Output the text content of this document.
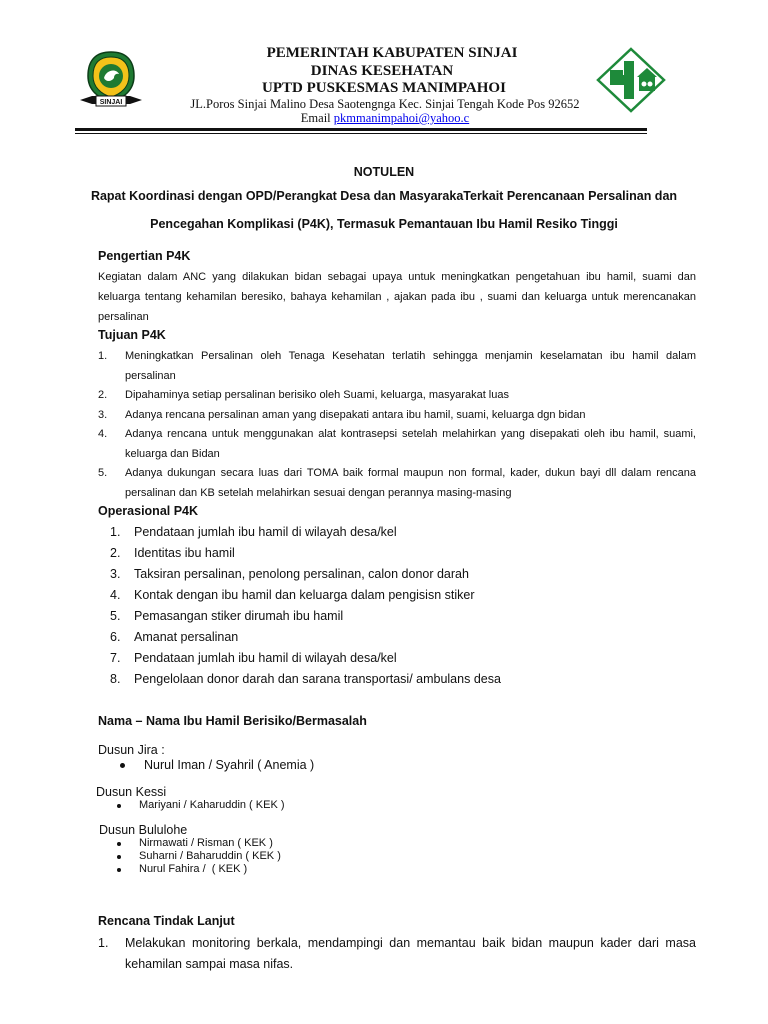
SINJAI
PEMERINTAH KABUPATEN SINJAI
DINAS KESEHATAN
UPTD PUSKESMAS MANIMPAHOI
JL.Poros Sinjai Malino Desa Saotengnga Kec. Sinjai Tengah Kode Pos 92652
Email pkmmanimpahoi@yahoo.c
NOTULEN
Rapat Koordinasi dengan OPD/Perangkat Desa dan MasyarakaTerkait Perencanaan Persalinan dan
Pencegahan Komplikasi (P4K), Termasuk Pemantauan Ibu Hamil Resiko Tinggi
Pengertian P4K
Kegiatan dalam ANC yang dilakukan bidan sebagai upaya untuk meningkatkan pengetahuan ibu hamil, suami dan keluarga tentang kehamilan beresiko, bahaya kehamilan , ajakan pada ibu , suami dan keluarga untuk merencanakan persalinan
Tujuan P4K
1.	Meningkatkan Persalinan oleh Tenaga Kesehatan terlatih sehingga menjamin keselamatan ibu hamil dalam persalinan
2.	Dipahaminya setiap persalinan berisiko oleh Suami, keluarga, masyarakat luas
3.	Adanya rencana persalinan aman yang disepakati antara ibu hamil, suami, keluarga dgn bidan
4.	Adanya rencana untuk menggunakan alat kontrasepsi setelah melahirkan yang disepakati oleh ibu hamil, suami, keluarga dan Bidan
5.	Adanya dukungan secara luas dari TOMA baik formal maupun non formal, kader, dukun bayi dll dalam rencana persalinan dan KB setelah melahirkan sesuai dengan perannya masing-masing
Operasional P4K
1.	Pendataan jumlah ibu hamil di wilayah desa/kel
2.	Identitas ibu hamil
3.	Taksiran persalinan, penolong persalinan, calon donor darah
4.	Kontak dengan ibu hamil dan keluarga dalam pengisisn stiker
5.	Pemasangan stiker dirumah ibu hamil
6.	Amanat persalinan
7.	Pendataan jumlah ibu hamil di wilayah desa/kel
8.	Pengelolaan donor darah dan sarana transportasi/ ambulans desa
Nama – Nama Ibu Hamil Berisiko/Bermasalah
Dusun Jira :
Nurul Iman / Syahril ( Anemia )
Dusun Kessi
Mariyani / Kaharuddin ( KEK )
Dusun Bululohe
Nirmawati / Risman ( KEK )
Suharni / Baharuddin ( KEK )
Nurul Fahira /  ( KEK )
Rencana Tindak Lanjut
1.	Melakukan monitoring berkala, mendampingi dan memantau baik bidan maupun kader dari masa kehamilan sampai masa nifas.
